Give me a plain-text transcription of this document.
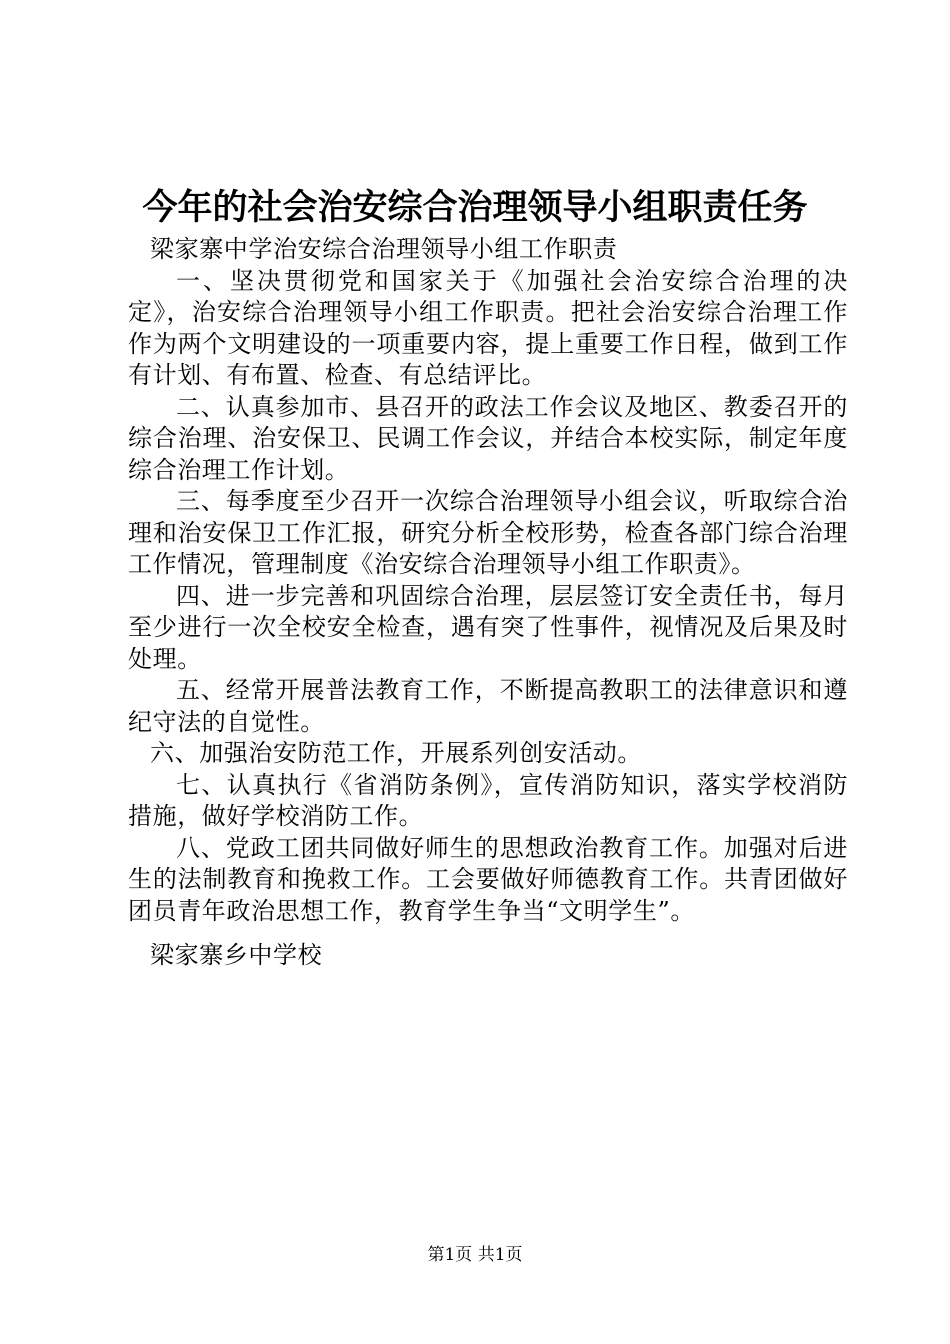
今年的社会治安综合治理领导小组职责任务

梁家寨中学治安综合治理领导小组工作职责

一、坚决贯彻党和国家关于《加强社会治安综合治理的决定》，治安综合治理领导小组工作职责。把社会治安综合治理工作作为两个文明建设的一项重要内容，提上重要工作日程，做到工作有计划、有布置、检查、有总结评比。

二、认真参加市、县召开的政法工作会议及地区、教委召开的综合治理、治安保卫、民调工作会议，并结合本校实际，制定年度综合治理工作计划。

三、每季度至少召开一次综合治理领导小组会议，听取综合治理和治安保卫工作汇报，研究分析全校形势，检查各部门综合治理工作情况，管理制度《治安综合治理领导小组工作职责》。

四、进一步完善和巩固综合治理，层层签订安全责任书，每月至少进行一次全校安全检查，遇有突了性事件，视情况及后果及时处理。

五、经常开展普法教育工作，不断提高教职工的法律意识和遵纪守法的自觉性。

六、加强治安防范工作，开展系列创安活动。

七、认真执行《省消防条例》，宣传消防知识，落实学校消防措施，做好学校消防工作。

八、党政工团共同做好师生的思想政治教育工作。加强对后进生的法制教育和挽救工作。工会要做好师德教育工作。共青团做好团员青年政治思想工作，教育学生争当“文明学生”。

梁家寨乡中学校
第1页 共1页
